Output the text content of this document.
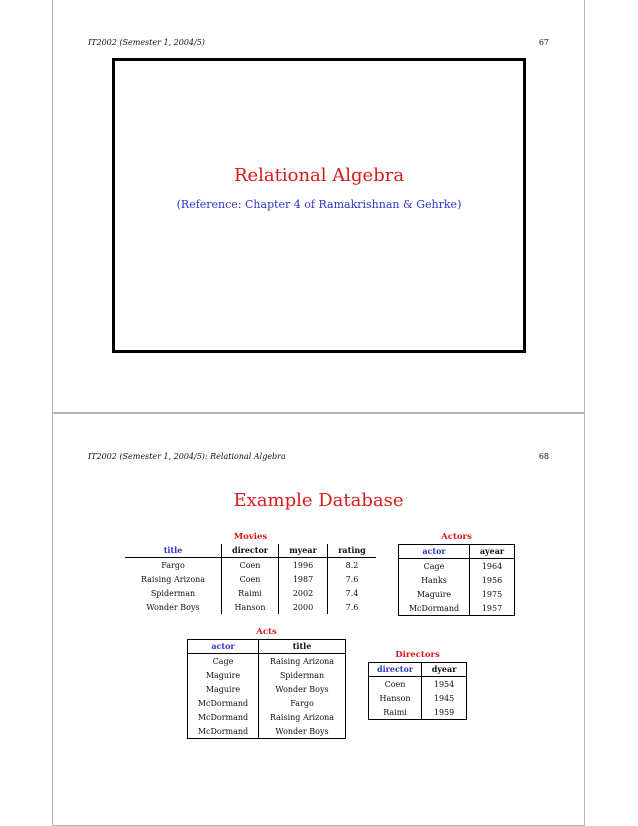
IT2002 (Semester 1, 2004/5)	67
Relational Algebra
(Reference: Chapter 4 of Ramakrishnan & Gehrke)
IT2002 (Semester 1, 2004/5): Relational Algebra	68
Example Database
Movies
title	director	myear	rating
Fargo	Coen	1996	8.2
Raising Arizona	Coen	1987	7.6
Spiderman	Raimi	2002	7.4
Wonder Boys	Hanson	2000	7.6
Actors
actor	ayear
Cage	1964
Hanks	1956
Maguire	1975
McDormand	1957
Acts
actor	title
Cage	Raising Arizona
Maguire	Spiderman
Maguire	Wonder Boys
McDormand	Fargo
McDormand	Raising Arizona
McDormand	Wonder Boys
Directors
director	dyear
Coen	1954
Hanson	1945
Raimi	1959
